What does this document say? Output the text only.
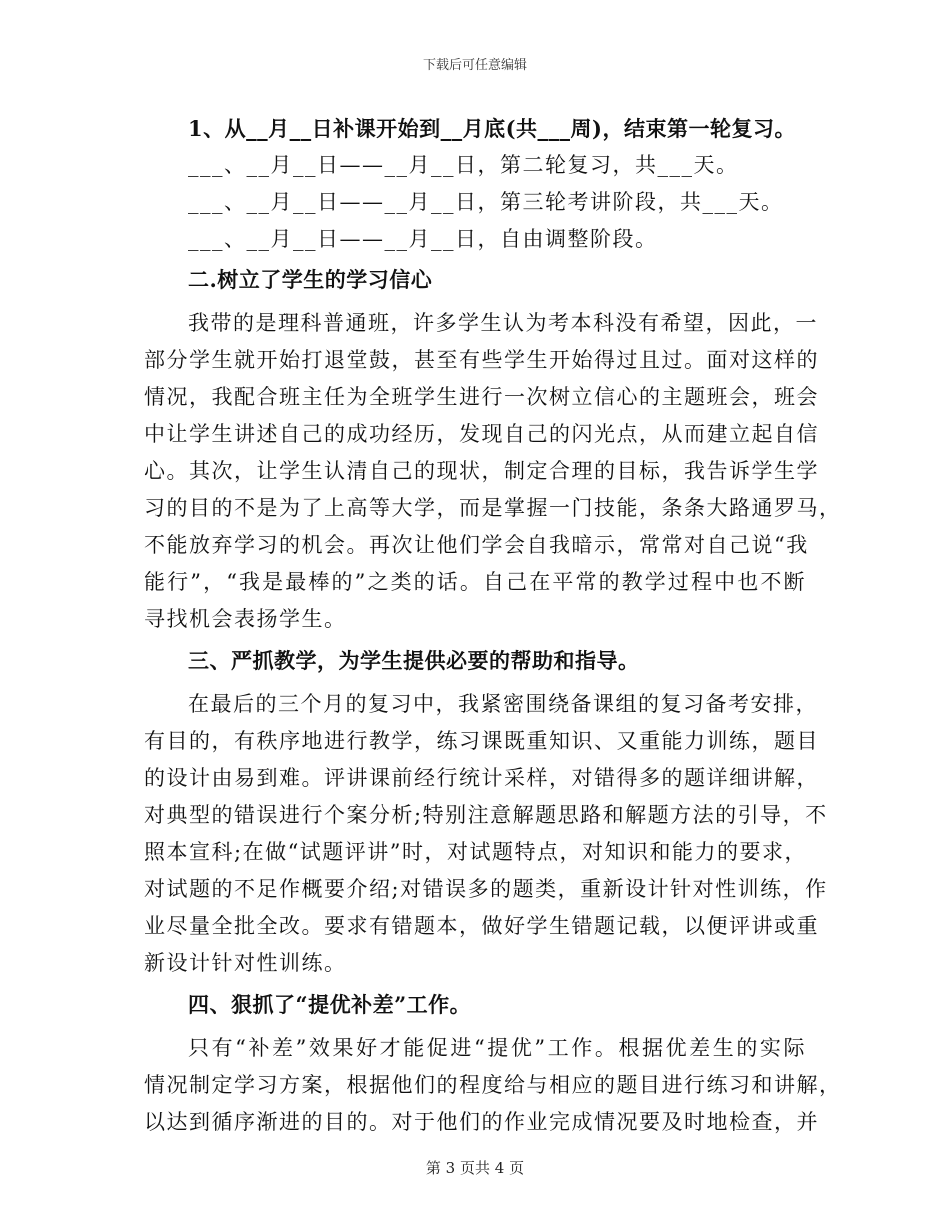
下载后可任意编辑
1、从__月__日补课开始到__月底(共___周)，结束第一轮复习。
___、__月__日——__月__日，第二轮复习，共___天。
___、__月__日——__月__日，第三轮考讲阶段，共___天。
___、__月__日——__月__日，自由调整阶段。
二.树立了学生的学习信心
我带的是理科普通班，许多学生认为考本科没有希望，因此，一
部分学生就开始打退堂鼓，甚至有些学生开始得过且过。面对这样的
情况，我配合班主任为全班学生进行一次树立信心的主题班会，班会
中让学生讲述自己的成功经历，发现自己的闪光点，从而建立起自信
心。其次，让学生认清自己的现状，制定合理的目标，我告诉学生学
习的目的不是为了上高等大学，而是掌握一门技能，条条大路通罗马，
不能放弃学习的机会。再次让他们学会自我暗示，常常对自己说“我
能行”，“我是最棒的”之类的话。自己在平常的教学过程中也不断
寻找机会表扬学生。
三、严抓教学，为学生提供必要的帮助和指导。
在最后的三个月的复习中，我紧密围绕备课组的复习备考安排，
有目的，有秩序地进行教学，练习课既重知识、又重能力训练，题目
的设计由易到难。评讲课前经行统计采样，对错得多的题详细讲解，
对典型的错误进行个案分析;特别注意解题思路和解题方法的引导，不
照本宣科;在做“试题评讲”时，对试题特点，对知识和能力的要求，
对试题的不足作概要介绍;对错误多的题类，重新设计针对性训练，作
业尽量全批全改。要求有错题本，做好学生错题记载，以便评讲或重
新设计针对性训练。
四、狠抓了“提优补差”工作。
只有“补差”效果好才能促进“提优”工作。根据优差生的实际
情况制定学习方案，根据他们的程度给与相应的题目进行练习和讲解，
以达到循序渐进的目的。对于他们的作业完成情况要及时地检查，并
第 3 页共 4 页
